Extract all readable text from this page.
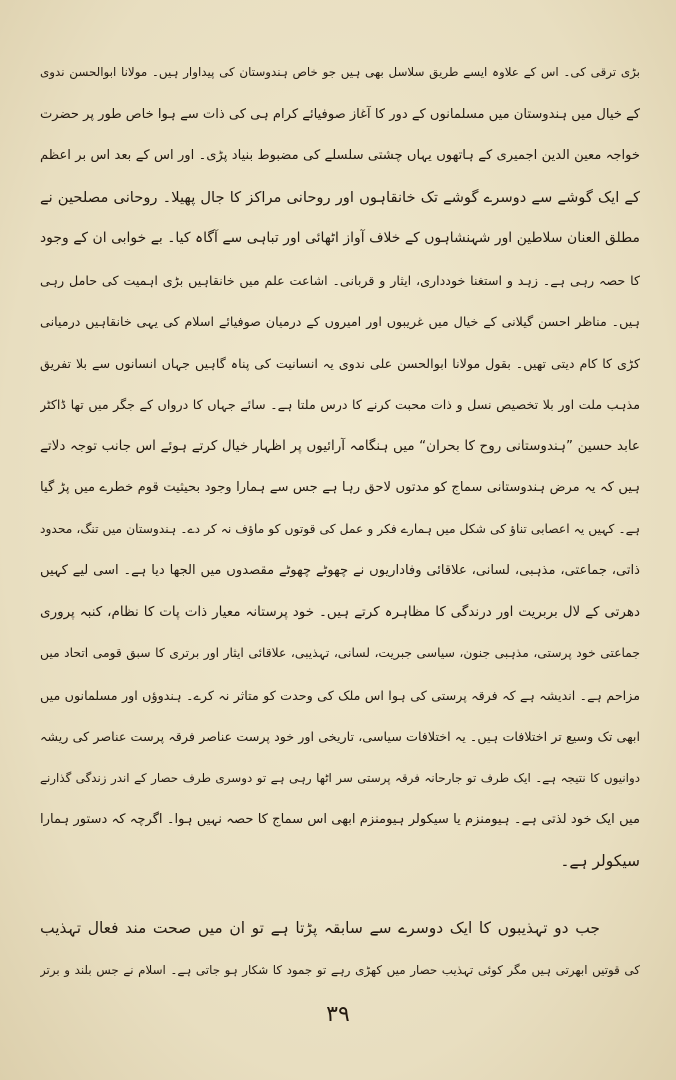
بڑی ترقی کی۔ اس کے علاوہ ایسے طریق سلاسل بھی ہیں جو خاص ہندوستان کی پیداوار ہیں۔ مولانا ابوالحسن ندوی
کے خیال میں ہندوستان میں مسلمانوں کے دور کا آغاز صوفیائے کرام ہی کی ذات سے ہوا خاص طور پر حضرت
خواجہ معین الدین اجمیری کے ہاتھوں یہاں چشتی سلسلے کی مضبوط بنیاد پڑی۔ اور اس کے بعد اس بر اعظم
کے ایک گوشے سے دوسرے گوشے تک خانقاہوں اور روحانی مراکز کا جال پھیلا۔ روحانی مصلحین نے
مطلق العنان سلاطین اور شہنشاہوں کے خلاف آواز اٹھائی اور تباہی سے آگاہ کیا۔ بے خوابی ان کے وجود
کا حصہ رہی ہے۔ زہد و استغنا خودداری، ایثار و قربانی۔ اشاعت علم میں خانقاہیں بڑی اہمیت کی حامل رہی
ہیں۔ مناظر احسن گیلانی کے خیال میں غریبوں اور امیروں کے درمیان صوفیائے اسلام کی یہی خانقاہیں درمیانی
کڑی کا کام دیتی تھیں۔ بقول مولانا ابوالحسن علی ندوی یہ انسانیت کی پناہ گاہیں جہاں انسانوں سے بلا تفریق
مذہب ملت اور بلا تخصیص نسل و ذات محبت کرنے کا درس ملتا ہے۔ سائے جہاں کا درواں کے جگر میں تھا ڈاکٹر
عابد حسین ”ہندوستانی روح کا بحران“ میں ہنگامہ آرائیوں پر اظہار خیال کرتے ہوئے اس جانب توجہ دلاتے
ہیں کہ یہ مرض ہندوستانی سماج کو مدتوں لاحق رہا ہے جس سے ہمارا وجود بحیثیت قوم خطرے میں پڑ گیا
ہے۔ کہیں یہ اعصابی تناؤ کی شکل میں ہمارے فکر و عمل کی قوتوں کو ماؤف نہ کر دے۔ ہندوستان میں تنگ، محدود
ذاتی، جماعتی، مذہبی، لسانی، علاقائی وفاداریوں نے چھوٹے چھوٹے مقصدوں میں الجھا دیا ہے۔ اسی لیے کہیں
دھرتی کے لال بربریت اور درندگی کا مظاہرہ کرتے ہیں۔ خود پرستانہ معیار ذات پات کا نظام، کنبہ پروری
جماعتی خود پرستی، مذہبی جنون، سیاسی جبریت، لسانی، تہذیبی، علاقائی ایثار اور برتری کا سبق قومی اتحاد میں
مزاحم ہے۔ اندیشہ ہے کہ فرقہ پرستی کی ہوا اس ملک کی وحدت کو متاثر نہ کرے۔ ہندوؤں اور مسلمانوں میں
ابھی تک وسیع تر اختلافات ہیں۔ یہ اختلافات سیاسی، تاریخی اور خود پرست عناصر فرقہ پرست عناصر کی ریشہ
دوانیوں کا نتیجہ ہے۔ ایک طرف تو جارحانہ فرقہ پرستی سر اٹھا رہی ہے تو دوسری طرف حصار کے اندر زندگی گذارنے
میں ایک خود لذتی ہے۔ ہیومنزم یا سیکولر ہیومنزم ابھی اس سماج کا حصہ نہیں ہوا۔ اگرچہ کہ دستور ہمارا
سیکولر ہے۔
جب دو تہذیبوں کا ایک دوسرے سے سابقہ پڑتا ہے تو ان میں صحت مند فعال تہذیب
کی قوتیں ابھرتی ہیں مگر کوئی تہذیب حصار میں کھڑی رہے تو جمود کا شکار ہو جاتی ہے۔ اسلام نے جس بلند و برتر
۳۹
